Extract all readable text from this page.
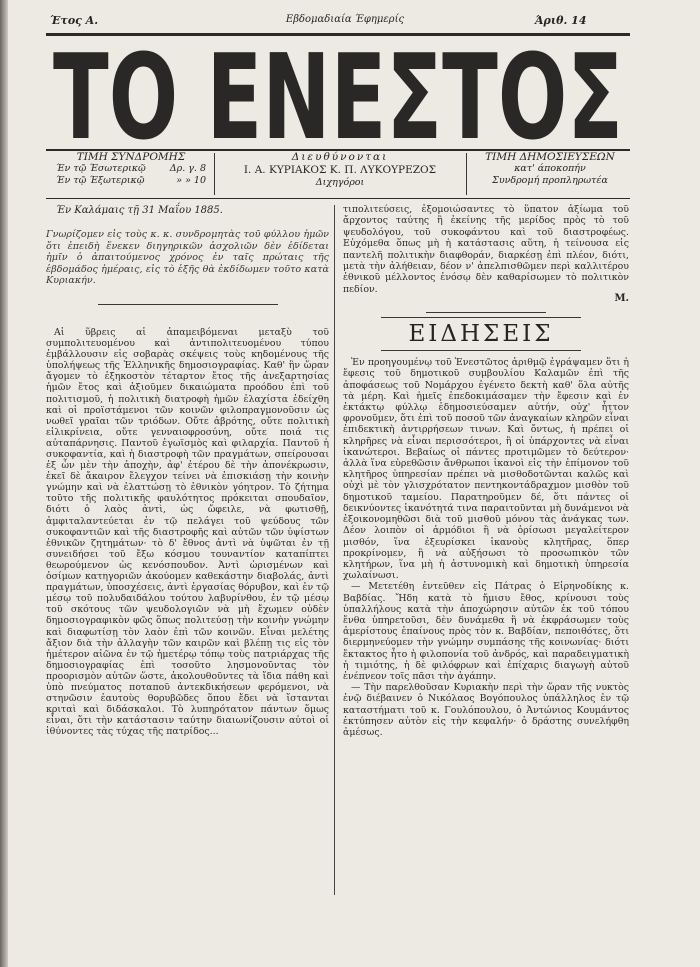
Έτος Α.	Εβδομαδιαία Έφημερίς	Άριθ. 14
ΤΟ ΕΝΕΣΤΟΣ
ΤΙΜΗ ΣΥΝΔΡΟΜΗΣ
Έν τῷ Έσωτερικῷ	Δρ. γ. 8
Έν τῷ Έξωτερικῷ	» » 10
Διευθύνονται
Ι. Α. ΚΥΡΙΑΚΟΣ Κ. Π. ΛΥΚΟΥΡΕΖΟΣ
Διχηγόροι
ΤΙΜΗ ΔΗΜΟΣΙΕΥΣΕΩΝ
κατ' άποκοπήν
Συνδρομή προπληρωτέα
Έν Καλάμαις τῇ 31 Μαΐου 1885.
Γνωρίζομεν εἰς τοὺς κ. κ. συνδρομητὰς τοῦ φύλλου ἡμῶν ὅτι ἐπειδὴ ἕνεκεν διηγηρικῶν ἀσχολιῶν δὲν ἐδίδεται ἡμῖν ὁ ἀπαιτούμενος χρόνος ἐν ταῖς πρώταις τῆς ἑβδομάδος ἡμέραις, εἰς τὸ ἑξῆς θὰ ἐκδίδωμεν τοῦτο κατὰ Κυριακήν.

Αἱ ὕβρεις αἱ ἀπαμειβόμεναι μεταξὺ τοῦ συμπολιτευομένου καὶ ἀντιπολιτευομένου τύπου ἐμβάλλουσιν εἰς σοβαρὰς σκέψεις τοὺς κηδομένους τῆς ὑπολήψεως τῆς Ἑλληνικῆς δημοσιογραφίας. Καθ' ἣν ὥραν ἄγομεν τὸ ἑξηκοστὸν τέταρτον ἔτος τῆς ἀνεξαρτησίας ἡμῶν ἔτος καὶ ἀξιοῦμεν δικαιώματα προόδου ἐπὶ τοῦ πολιτισμοῦ, ἡ πολιτικὴ διατροφὴ ἡμῶν ἐλαχίστα ἐδείχθη καὶ οἱ προϊστάμενοι τῶν κοινῶν φιλοπραγμονοῦσιν ὡς νωθεῖ γραῖαι τῶν τριόδων. Οὔτε ἀβρότης, οὔτε πολιτικὴ εἰλικρίνεια, οὔτε γενναιοφροσύνη, οὔτε ποιά τις αὐταπάρνησις. Παντοῦ ἐγωϊσμὸς καὶ φιλαρχία. Παντοῦ ἡ συκοφαντία, καὶ ἡ διαστροφὴ τῶν πραγμάτων, σπείρουσαι ἐξ ὧν μὲν τὴν ἀποχὴν, ἀφ' ἐτέρου δὲ τὴν ἀπονέκρωσιν, ἐκεῖ δὲ ἄκαιρον ἔλεγχον τείνει νὰ ἐπισκιάσῃ τὴν κοινὴν γνώμην καὶ νὰ ἐλαττώσῃ τὸ ἐθνικὸν γόητρον. Τὸ ζήτημα τοῦτο τῆς πολιτικῆς φαυλότητος πρόκειται σπουδαῖον, διότι ὁ λαὸς ἀντὶ, ὡς ὤφειλε, νὰ φωτισθῇ, ἀμφιταλαντεύεται ἐν τῷ πελάγει τοῦ ψεύδους τῶν συκοφαντιῶν καὶ τῆς διαστροφῆς καὶ αὐτῶν τῶν ὑψίστων ἐθνικῶν ζητημάτων· τὸ δ' ἔθνος ἀντὶ νὰ ὑψῶται ἐν τῇ συνειδήσει τοῦ ἔξω κόσμου τουναντίον καταπίπτει θεωρούμενον ὡς κενόσπουδον. Ἀντὶ ὡρισμένων καὶ ὁσίμων κατηγοριῶν ἀκούομεν καθεκάστην διαβολάς, ἀντὶ πραγμάτων, ὑποσχέσεις, ἀντὶ ἐργασίας θόρυβον, καὶ ἐν τῷ μέσῳ τοῦ πολυδαιδάλου τούτου λαβυρίνθου, ἐν τῷ μέσῳ τοῦ σκότους τῶν ψευδολογιῶν νὰ μὴ ἔχωμεν οὐδὲν δημοσιογραφικὸν φῶς ὅπως πολιτεύσῃ τὴν κοινὴν γνώμην καὶ διαφωτίσῃ τὸν λαὸν ἐπὶ τῶν κοινῶν. Εἶναι μελέτης ἄξιον διὰ τὴν ἀλλαγὴν τῶν καιρῶν καὶ βλέπῃ τις εἰς τὸν ἡμέτερον αἰῶνα ἐν τῷ ἡμετέρῳ τόπῳ τοὺς πατριάρχας τῆς δημοσιογραφίας ἐπὶ τοσοῦτο λησμονοῦντας τὸν προορισμὸν αὐτῶν ὥστε, ἀκολουθοῦντες τὰ ἴδια πάθη καὶ ὑπὸ πνεύματος ποταποῦ ἀντεκδικήσεων φερόμενοι, νὰ στηνῶσιν ἑαυτοὺς θορυβῶδες ὅπου ἔδει νὰ ἵστανται κριταὶ καὶ διδάσκαλοι. Τὸ λυπηρότατον πάντων ὅμως εἶναι, ὅτι τὴν κατάστασιν ταύτην διαιωνίζουσιν αὐτοὶ οἱ ἰθύνοντες τὰς τύχας τῆς πατρίδος...

τιπολιτεύσεις, ἐξομοιώσαντες τὸ ὕπατον ἀξίωμα τοῦ ἄρχοντος ταύτης ἢ ἐκείνης τῆς μερίδος πρὸς τὸ τοῦ ψευδολόγου, τοῦ συκοφάντου καὶ τοῦ διαστροφέως. Εὐχόμεθα ὅπως μὴ ἡ κατάστασις αὕτη, ἡ τείνουσα εἰς παντελῆ πολιτικὴν διαφθοράν, διαρκέσῃ ἐπὶ πλέον, διότι, μετὰ τὴν ἀλήθειαν, δέον ν' ἀπελπισθῶμεν περὶ καλλιτέρου ἐθνικοῦ μέλλοντος ἐνόσῳ δὲν καθαρίσωμεν τὸ πολιτικὸν πεδίον.
Μ.
ΕΙΔΗΣΕΙΣ

Ἐν προηγουμένῳ τοῦ Ἐνεστῶτος ἀριθμῷ ἐγράψαμεν ὅτι ἡ ἔφεσις τοῦ δημοτικοῦ συμβουλίου Καλαμῶν ἐπὶ τῆς ἀποφάσεως τοῦ Νομάρχου ἐγένετο δεκτὴ καθ' ὅλα αὐτῆς τὰ μέρη. Καὶ ἡμεῖς ἐπεδοκιμάσαμεν τὴν ἔφεσιν καὶ ἐν ἐκτάκτῳ φύλλῳ ἐδημοσιεύσαμεν αὐτήν, οὐχ' ἧττον φρονοῦμεν, ὅτι ἐπὶ τοῦ ποσοῦ τῶν ἀναγκαίων κληρῶν εἶναι ἐπιδεκτικὴ ἀντιρρήσεων τινων. Καὶ ὄντως, ἡ πρέπει οἱ κληρῆρες νὰ εἶναι περισσότεροι, ἢ οἱ ὑπάρχοντες νὰ εἶναι ἱκανώτεροι. Βεβαίως οἱ πάντες προτιμῶμεν τὸ δεύτερον· ἀλλὰ ἵνα εὑρεθῶσιν ἄνθρωποι ἱκανοὶ εἰς τὴν ἐπίμονον τοῦ κλητῆρος ὑπηρεσίαν πρέπει νὰ μισθοδοτῶνται καλῶς καὶ οὐχὶ μὲ τὸν γλισχρότατον πεντηκοντάδραχμον μισθὸν τοῦ δημοτικοῦ ταμείου. Παρατηροῦμεν δέ, ὅτι πάντες οἱ δεικνύοντες ἱκανότητά τινα παραιτοῦνται μὴ δυνάμενοι νὰ ἐξοικονομηθῶσι διὰ τοῦ μισθοῦ μόνου τὰς ἀνάγκας των. Δέον λοιπὸν οἱ ἁρμόδιοι ἢ νὰ ὁρίσωσι μεγαλείτερον μισθόν, ἵνα ἐξευρίσκει ἱκανοὺς κλητῆρας, ὅπερ προκρίνομεν, ἢ νὰ αὐξήσωσι τὸ προσωπικὸν τῶν κλητήρων, ἵνα μὴ ἡ ἀστυνομικὴ καὶ δημοτικὴ ὑπηρεσία χωλαίνωσι.

— Μετετέθη ἐντεῦθεν εἰς Πάτρας ὁ Εἰρηνοδίκης κ. Βαβδίας. Ἤδη κατὰ τὸ ἤμισυ ἔθος, κρίνουσι τοὺς ὑπαλλήλους κατὰ τὴν ἀποχώρησιν αὐτῶν ἐκ τοῦ τόπου ἔνθα ὑπηρετοῦσι, δὲν δυνάμεθα ἢ νὰ ἐκφράσωμεν τοὺς ἀμερίστους ἐπαίνους πρὸς τὸν κ. Βαβδίαν, πεποιθότες, ὅτι διερμηνεύομεν τὴν γνώμην συμπάσης τῆς κοινωνίας· διότι ἔκτακτος ἦτο ἡ φιλοπονία τοῦ ἀνδρός, καὶ παραδειγματικὴ ἡ τιμιότης, ἡ δὲ φιλόφρων καὶ ἐπίχαρις διαγωγὴ αὐτοῦ ἐνέπνεον τοῖς πᾶσι τὴν ἀγάπην.

— Τὴν παρελθοῦσαν Κυριακὴν περὶ τὴν ὥραν τῆς νυκτὸς ἐνῷ διέβαινεν ὁ Νικόλαος Βογόπουλος ὑπάλληλος ἐν τῷ καταστήματι τοῦ κ. Γουλόπουλου, ὁ Ἀντώνιος Κουμάντος ἐκτύπησεν αὐτὸν εἰς τὴν κεφαλήν· ὁ δράστης συνελήφθη ἀμέσως.
